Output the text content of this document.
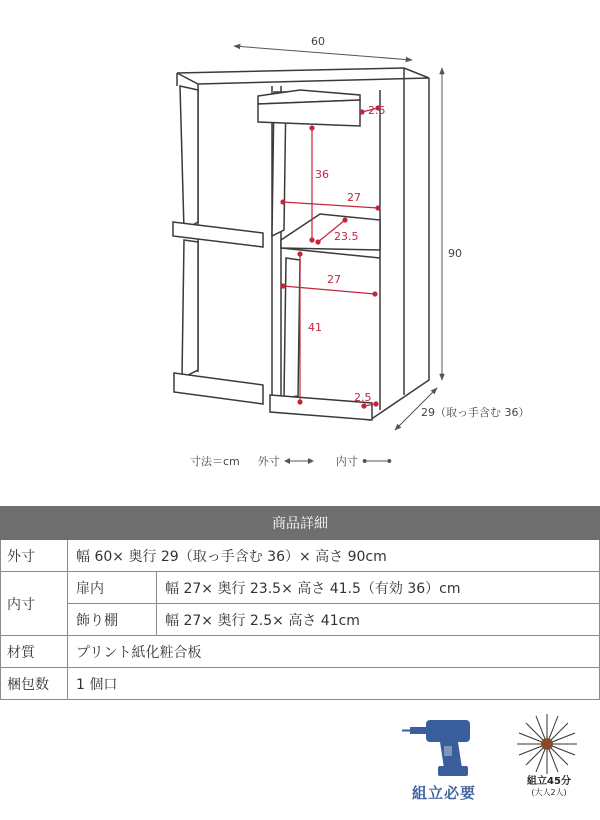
60
90
29（取っ手含む 36）
2.5
36
27
23.5
27
41
2.5
寸法＝cm 外寸	内寸
商品詳細		
外寸	幅 60× 奥行 29（取っ手含む 36）× 高さ 90cm	
内寸	扉内	幅 27× 奥行 23.5× 高さ 41.5（有効 36）cm
	飾り棚	幅 27× 奥行 2.5× 高さ 41cm
材質	プリント紙化粧合板	
梱包数	1 個口	
組立必要
組立45分
(大人2人)
